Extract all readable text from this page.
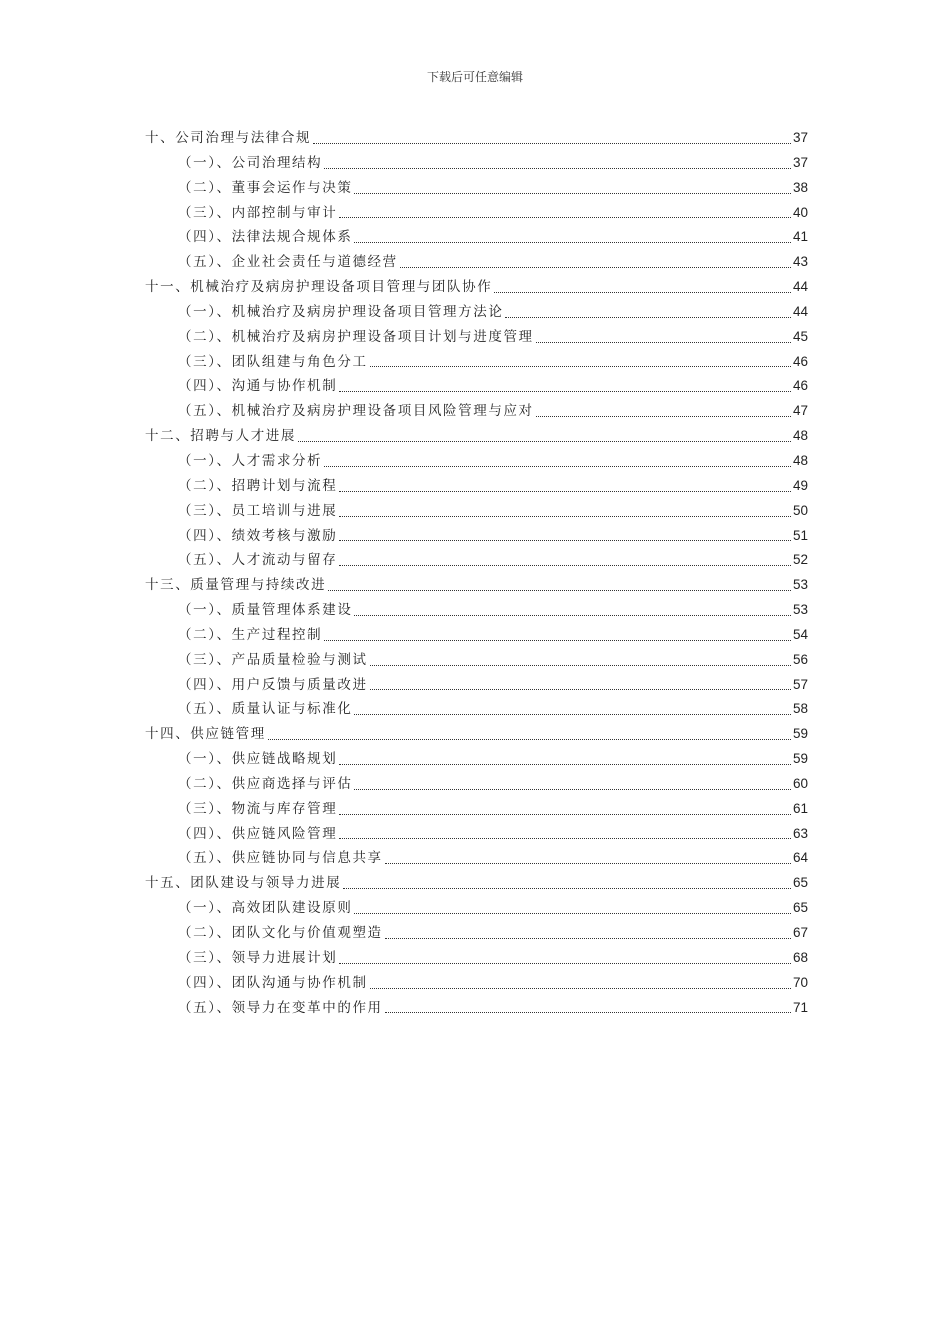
下载后可任意编辑
十、公司治理与法律合规	37
（一）、公司治理结构	37
（二）、董事会运作与决策	38
（三）、内部控制与审计	40
（四）、法律法规合规体系	41
（五）、企业社会责任与道德经营	43
十一、机械治疗及病房护理设备项目管理与团队协作	44
（一）、机械治疗及病房护理设备项目管理方法论	44
（二）、机械治疗及病房护理设备项目计划与进度管理	45
（三）、团队组建与角色分工	46
（四）、沟通与协作机制	46
（五）、机械治疗及病房护理设备项目风险管理与应对	47
十二、招聘与人才进展	48
（一）、人才需求分析	48
（二）、招聘计划与流程	49
（三）、员工培训与进展	50
（四）、绩效考核与激励	51
（五）、人才流动与留存	52
十三、质量管理与持续改进	53
（一）、质量管理体系建设	53
（二）、生产过程控制	54
（三）、产品质量检验与测试	56
（四）、用户反馈与质量改进	57
（五）、质量认证与标准化	58
十四、供应链管理	59
（一）、供应链战略规划	59
（二）、供应商选择与评估	60
（三）、物流与库存管理	61
（四）、供应链风险管理	63
（五）、供应链协同与信息共享	64
十五、团队建设与领导力进展	65
（一）、高效团队建设原则	65
（二）、团队文化与价值观塑造	67
（三）、领导力进展计划	68
（四）、团队沟通与协作机制	70
（五）、领导力在变革中的作用	71
